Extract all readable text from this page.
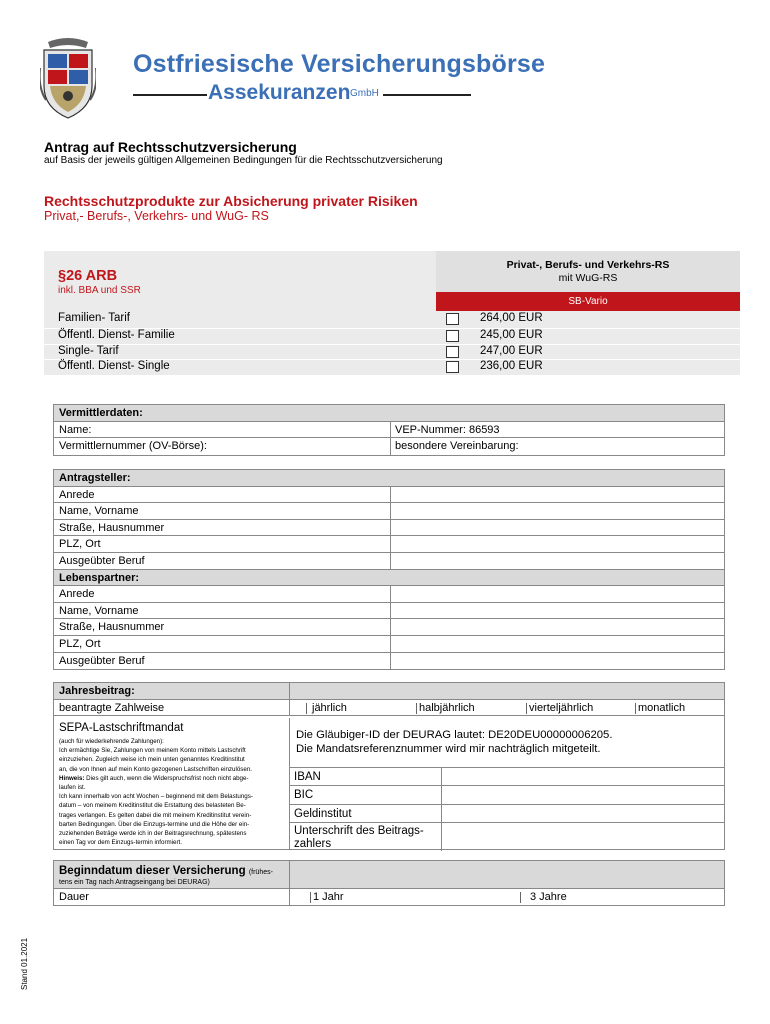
Ostfriesische Versicherungsbörse
Assekuranzen GmbH
Antrag auf Rechtsschutzversicherung
auf Basis der jeweils gültigen Allgemeinen Bedingungen für die Rechtsschutzversicherung
Rechtsschutzprodukte zur Absicherung privater Risiken
Privat,- Berufs-, Verkehrs- und WuG- RS
§26 ARB
inkl. BBA und SSR
Privat-, Berufs- und Verkehrs-RS
mit WuG-RS
SB-Vario
Familien- Tarif	264,00 EUR
Öffentl. Dienst- Familie	245,00 EUR
Single- Tarif	247,00 EUR
Öffentl. Dienst- Single	236,00 EUR
Vermittlerdaten:
Name:	VEP-Nummer: 86593
Vermittlernummer (OV-Börse):	besondere Vereinbarung:
Antragsteller:
Anrede
Name, Vorname
Straße, Hausnummer
PLZ, Ort
Ausgeübter Beruf
Lebenspartner:
Anrede
Name, Vorname
Straße, Hausnummer
PLZ, Ort
Ausgeübter Beruf
Jahresbeitrag:
beantragte Zahlweise	jährlich	halbjährlich	vierteljährlich	monatlich
SEPA-Lastschriftmandat
(auch für wiederkehrende Zahlungen):
Ich ermächtige Sie, Zahlungen von meinem Konto mittels Lastschrift
einzuziehen. Zugleich weise ich mein unten genanntes Kreditinstitut
an, die von Ihnen auf mein Konto gezogenen Lastschriften einzulösen.
Hinweis: Dies gilt auch, wenn die Widerspruchsfrist noch nicht abge-
laufen ist.
Ich kann innerhalb von acht Wochen – beginnend mit dem Belastungs-
datum – von meinem Kreditinstitut die Erstattung des belasteten Be-
trages verlangen. Es gelten dabei die mit meinem Kreditinstitut verein-
barten Bedingungen. Über die Einzugs-termine und die Höhe der ein-
zuziehenden Beträge werde ich in der Beitragsrechnung, spätestens
einen Tag vor dem Einzugs-termin informiert.
Die Gläubiger-ID der DEURAG lautet: DE20DEU00000006205.
Die Mandatsreferenznummer wird mir nachträglich mitgeteilt.
IBAN
BIC
Geldinstitut
Unterschrift des Beitrags-
zahlers
Beginndatum dieser Versicherung (frühes-
tens ein Tag nach Antragseingang bei DEURAG)
Dauer	1 Jahr	3 Jahre
Stand 01.2021
